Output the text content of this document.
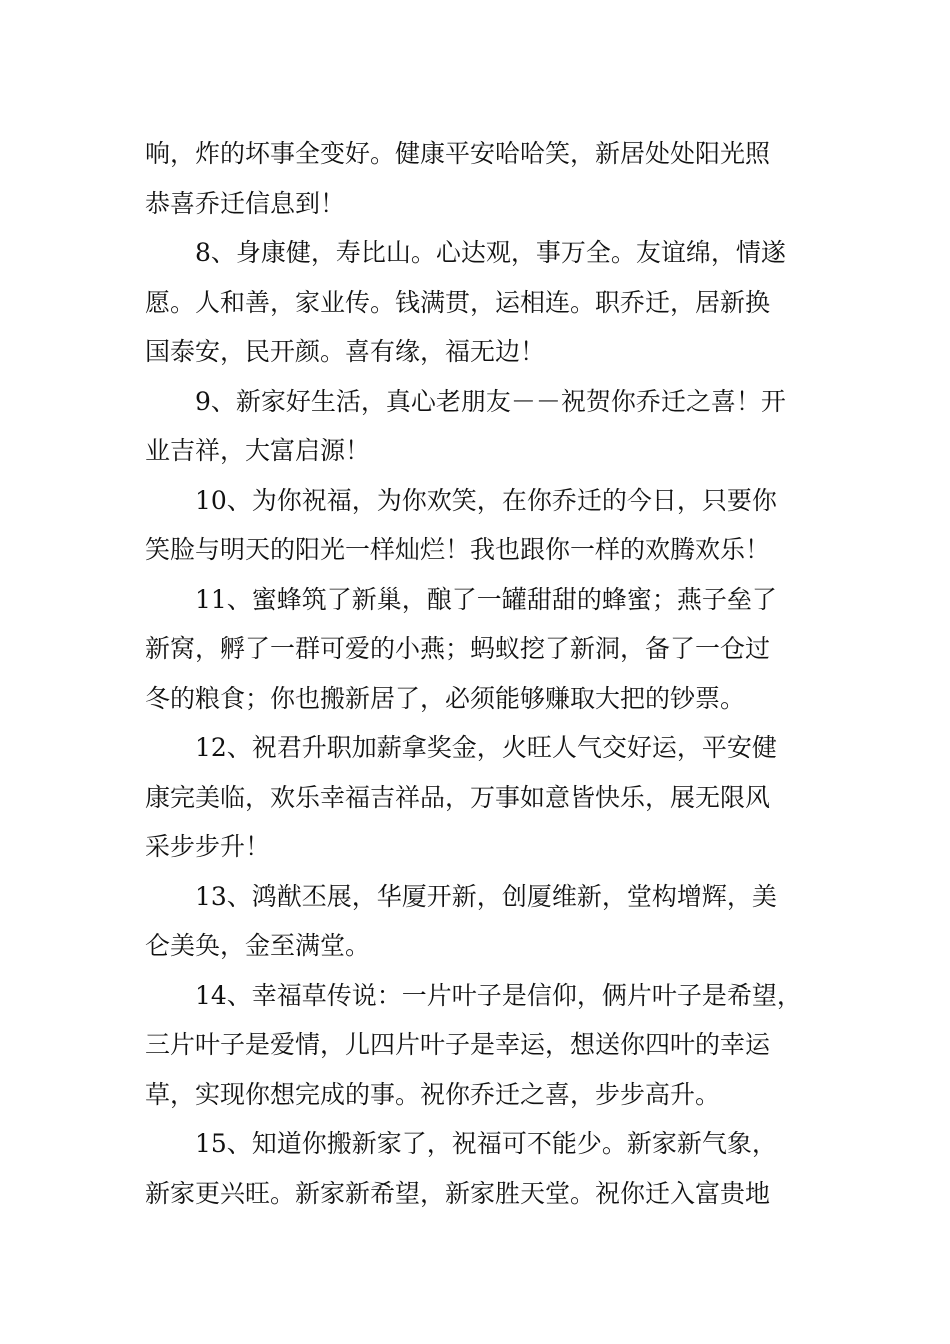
响，炸的坏事全变好。健康平安哈哈笑，新居处处阳光照
恭喜乔迁信息到！
8、身康健，寿比山。心达观，事万全。友谊绵，情遂
愿。人和善，家业传。钱满贯，运相连。职乔迁，居新换
国泰安，民开颜。喜有缘，福无边！
9、新家好生活，真心老朋友－－祝贺你乔迁之喜！开
业吉祥，大富启源！
10、为你祝福，为你欢笑，在你乔迁的今日，只要你
笑脸与明天的阳光一样灿烂！我也跟你一样的欢腾欢乐！
11、蜜蜂筑了新巢，酿了一罐甜甜的蜂蜜；燕子垒了
新窝，孵了一群可爱的小燕；蚂蚁挖了新洞，备了一仓过
冬的粮食；你也搬新居了，必须能够赚取大把的钞票。
12、祝君升职加薪拿奖金，火旺人气交好运，平安健
康完美临，欢乐幸福吉祥品，万事如意皆快乐，展无限风
采步步升！
13、鸿猷丕展，华厦开新，创厦维新，堂构增辉，美
仑美奂，金至满堂。
14、幸福草传说：一片叶子是信仰，俩片叶子是希望，
三片叶子是爱情，儿四片叶子是幸运，想送你四叶的幸运
草，实现你想完成的事。祝你乔迁之喜，步步高升。
15、知道你搬新家了，祝福可不能少。新家新气象，
新家更兴旺。新家新希望，新家胜天堂。祝你迁入富贵地
